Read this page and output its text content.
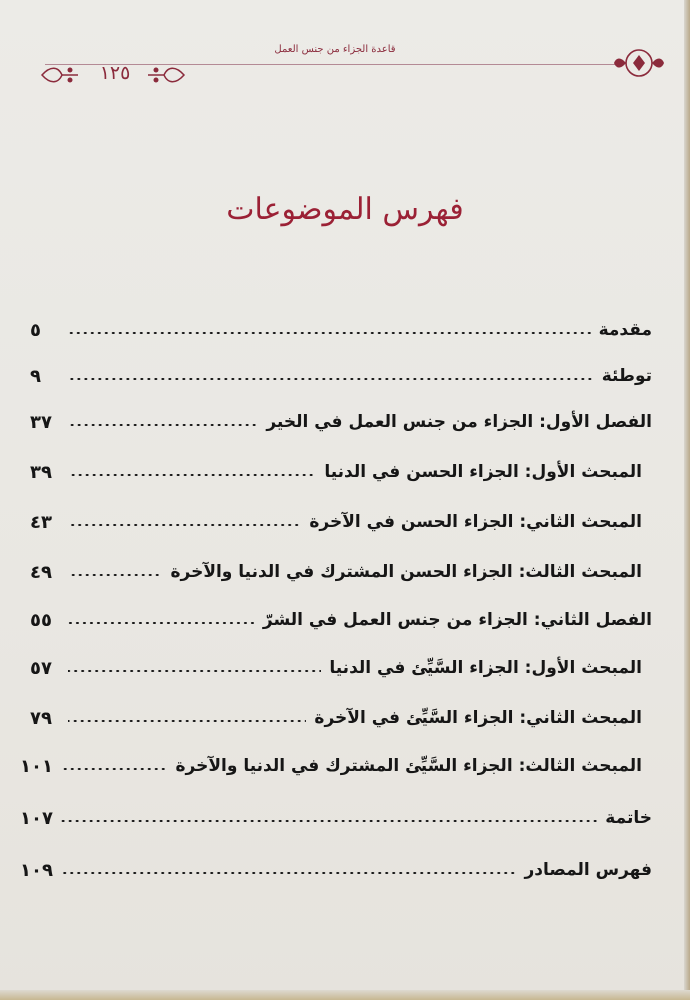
قاعدة الجزاء من جنس العمل
١٢٥
فهرس الموضوعات
مقدمة
٥
توطئة
٩
الفصل الأول: الجزاء من جنس العمل في الخير
٣٧
المبحث الأول: الجزاء الحسن في الدنيا
٣٩
المبحث الثاني: الجزاء الحسن في الآخرة
٤٣
المبحث الثالث: الجزاء الحسن المشترك في الدنيا والآخرة
٤٩
الفصل الثاني: الجزاء من جنس العمل في الشرّ
٥٥
المبحث الأول: الجزاء السَّيِّئ في الدنيا
٥٧
المبحث الثاني: الجزاء السَّيِّئ في الآخرة
٧٩
المبحث الثالث: الجزاء السَّيِّئ المشترك في الدنيا والآخرة
١٠١
خاتمة
١٠٧
فهرس المصادر
١٠٩
